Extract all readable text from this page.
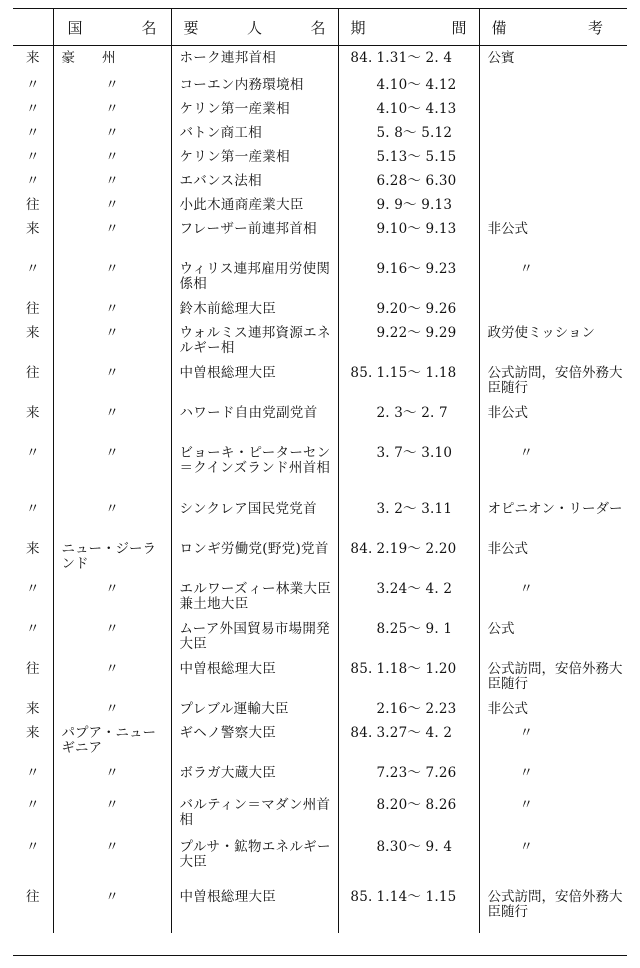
	国 名	要 人 名	期 間	備 考

来	豪　　州	ホーク連邦首相	84. 1.31～ 2. 4	公賓
〃	〃	コーエン内務環境相	4.10～ 4.12	
〃	〃	ケリン第一産業相	4.10～ 4.13	
〃	〃	バトン商工相	5. 8～ 5.12	
〃	〃	ケリン第一産業相	5.13～ 5.15	
〃	〃	エバンス法相	6.28～ 6.30	
往	〃	小此木通商産業大臣	9. 9～ 9.13	
来	〃	フレーザー前連邦首相	9.10～ 9.13	非公式
〃	〃	ウィリス連邦雇用労使関係相	9.16～ 9.23	〃
往	〃	鈴木前総理大臣	9.20～ 9.26	
来	〃	ウォルミス連邦資源エネルギー相	9.22～ 9.29	政労使ミッション
往	〃	中曽根総理大臣	85. 1.15～ 1.18	公式訪問，安倍外務大臣随行
来	〃	ハワード自由党副党首	2. 3～ 2. 7	非公式
〃	〃	ビョーキ・ピーターセン＝クインズランド州首相	3. 7～ 3.10	〃
〃	〃	シンクレア国民党党首	3. 2～ 3.11	オピニオン・リーダー
来	ニュー・ジーランド	ロンギ労働党(野党)党首	84. 2.19～ 2.20	非公式
〃	〃	エルワーズィー林業大臣兼土地大臣	3.24～ 4. 2	〃
〃	〃	ムーア外国貿易市場開発大臣	8.25～ 9. 1	公式
往	〃	中曽根総理大臣	85. 1.18～ 1.20	公式訪問，安倍外務大臣随行
来	〃	プレブル運輸大臣	2.16～ 2.23	非公式
来	パプア・ニューギニア	ギヘノ警察大臣	84. 3.27～ 4. 2	〃
〃	〃	ボラガ大蔵大臣	7.23～ 7.26	〃
〃	〃	バルティン＝マダン州首相	8.20～ 8.26	〃
〃	〃	プルサ・鉱物エネルギー大臣	8.30～ 9. 4	〃
往	〃	中曽根総理大臣	85. 1.14～ 1.15	公式訪問，安倍外務大臣随行
